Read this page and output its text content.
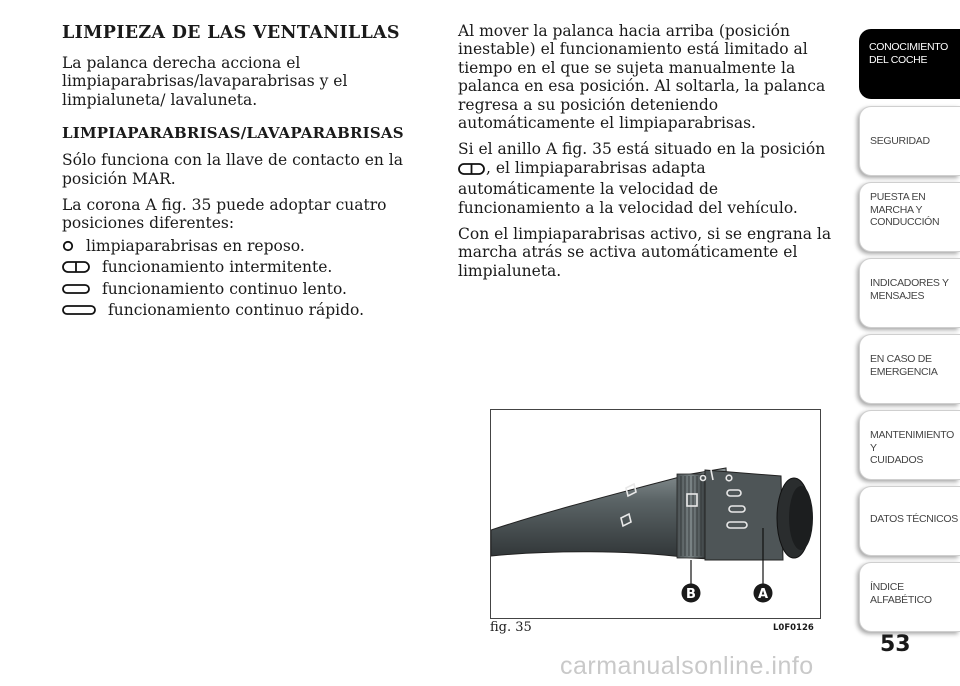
LIMPIEZA DE LAS VENTANILLAS

La palanca derecha acciona el limpiaparabrisas/lavaparabrisas y el limpialuneta/ lavaluneta.

LIMPIAPARABRISAS/LAVAPARABRISAS

Sólo funciona con la llave de contacto en la posición MAR.

La corona A fig. 35 puede adoptar cuatro posiciones diferentes:

limpiaparabrisas en reposo.
funcionamiento intermitente.
funcionamiento continuo lento.
funcionamiento continuo rápido.

Al mover la palanca hacia arriba (posición inestable) el funcionamiento está limitado al tiempo en el que se sujeta manualmente la palanca en esa posición. Al soltarla, la palanca regresa a su posición deteniendo automáticamente el limpiaparabrisas.

Si el anillo A fig. 35 está situado en la posición
, el limpiaparabrisas adapta automáticamente la velocidad de funcionamiento a la velocidad del vehículo.

Con el limpiaparabrisas activo, si se engrana la marcha atrás se activa automáticamente el limpialuneta.

B	A
fig. 35	L0F0126
CONOCIMIENTO
DEL COCHE
SEGURIDAD
PUESTA EN
MARCHA Y
CONDUCCIÓN
INDICADORES Y
MENSAJES
EN CASO DE
EMERGENCIA
MANTENIMIENTO Y
CUIDADOS
DATOS TÉCNICOS
ÍNDICE
ALFABÉTICO
53
carmanualsonline.info
